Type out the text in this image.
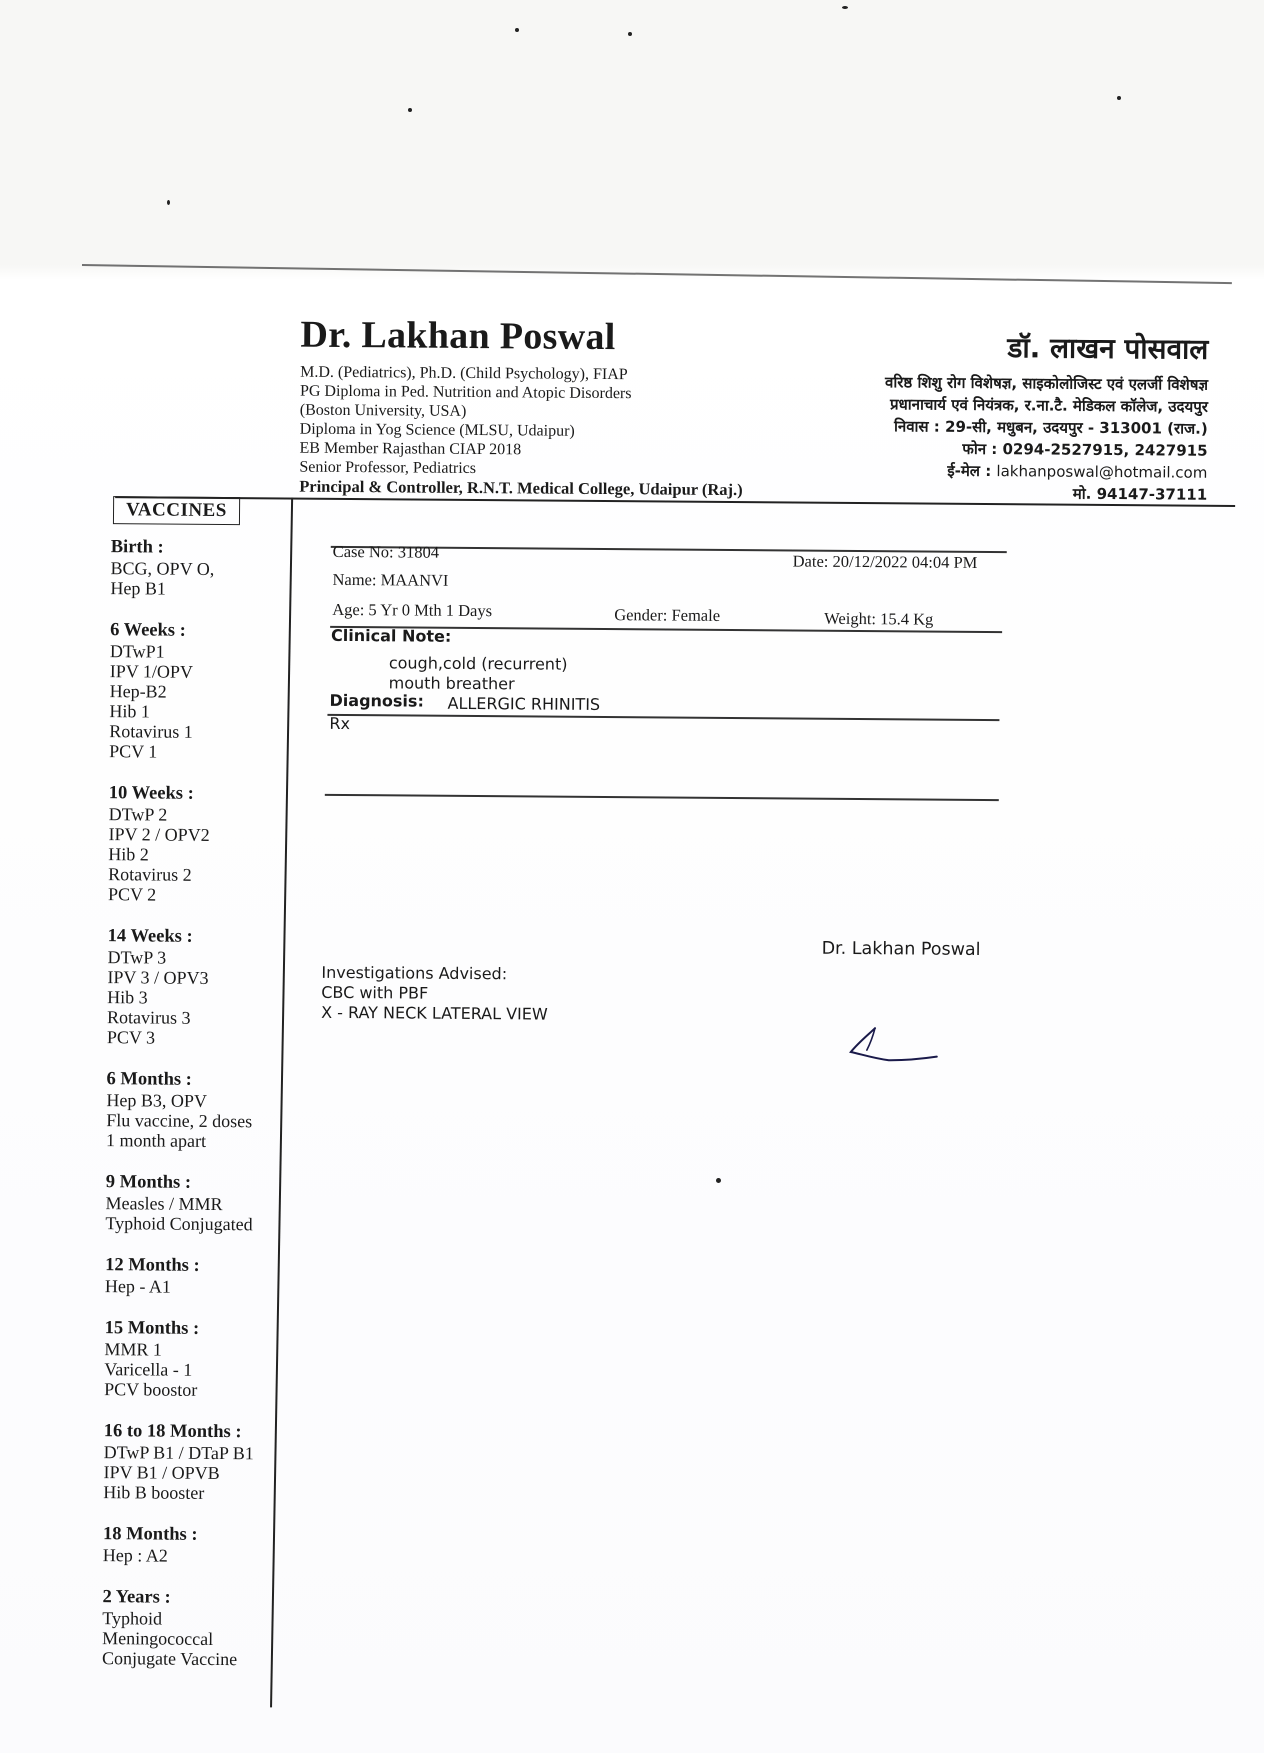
Dr. Lakhan Poswal
M.D. (Pediatrics), Ph.D. (Child Psychology), FIAP
PG Diploma in Ped. Nutrition and Atopic Disorders
(Boston University, USA)
Diploma in Yog Science (MLSU, Udaipur)
EB Member Rajasthan CIAP 2018
Senior Professor, Pediatrics
Principal & Controller, R.N.T. Medical College, Udaipur (Raj.)
डॉ. लाखन पोसवाल
वरिष्ठ शिशु रोग विशेषज्ञ, साइकोलोजिस्ट एवं एलर्जी विशेषज्ञ
प्रधानाचार्य एवं नियंत्रक, र.ना.टै. मेडिकल कॉलेज, उदयपुर
निवास : 29-सी, मधुबन, उदयपुर - 313001 (राज.)
फोन : 0294-2527915, 2427915
ई-मेल : lakhanposwal@hotmail.com
मो. 94147-37111
VACCINES
Birth :
BCG, OPV O,
Hep B1
6 Weeks :
DTwP1
IPV 1/OPV
Hep-B2
Hib 1
Rotavirus 1
PCV 1
10 Weeks :
DTwP 2
IPV 2 / OPV2
Hib 2
Rotavirus 2
PCV 2
14 Weeks :
DTwP 3
IPV 3 / OPV3
Hib 3
Rotavirus 3
PCV 3
6 Months :
Hep B3, OPV
Flu vaccine, 2 doses
1 month apart
9 Months :
Measles / MMR
Typhoid Conjugated
12 Months :
Hep - A1
15 Months :
MMR 1
Varicella - 1
PCV boostor
16 to 18 Months :
DTwP B1 / DTaP B1
IPV B1 / OPVB
Hib B booster
18 Months :
Hep : A2
2 Years :
Typhoid
Meningococcal
Conjugate Vaccine
Case No: 31804	Date: 20/12/2022 04:04 PM
Name: MAANVI
Age: 5 Yr 0 Mth 1 Days	Gender: Female	Weight: 15.4 Kg
Clinical Note:
cough,cold (recurrent)
mouth breather
Diagnosis: ALLERGIC RHINITIS
Rx
Dr. Lakhan Poswal
Investigations Advised:
CBC with PBF
X - RAY NECK LATERAL VIEW
